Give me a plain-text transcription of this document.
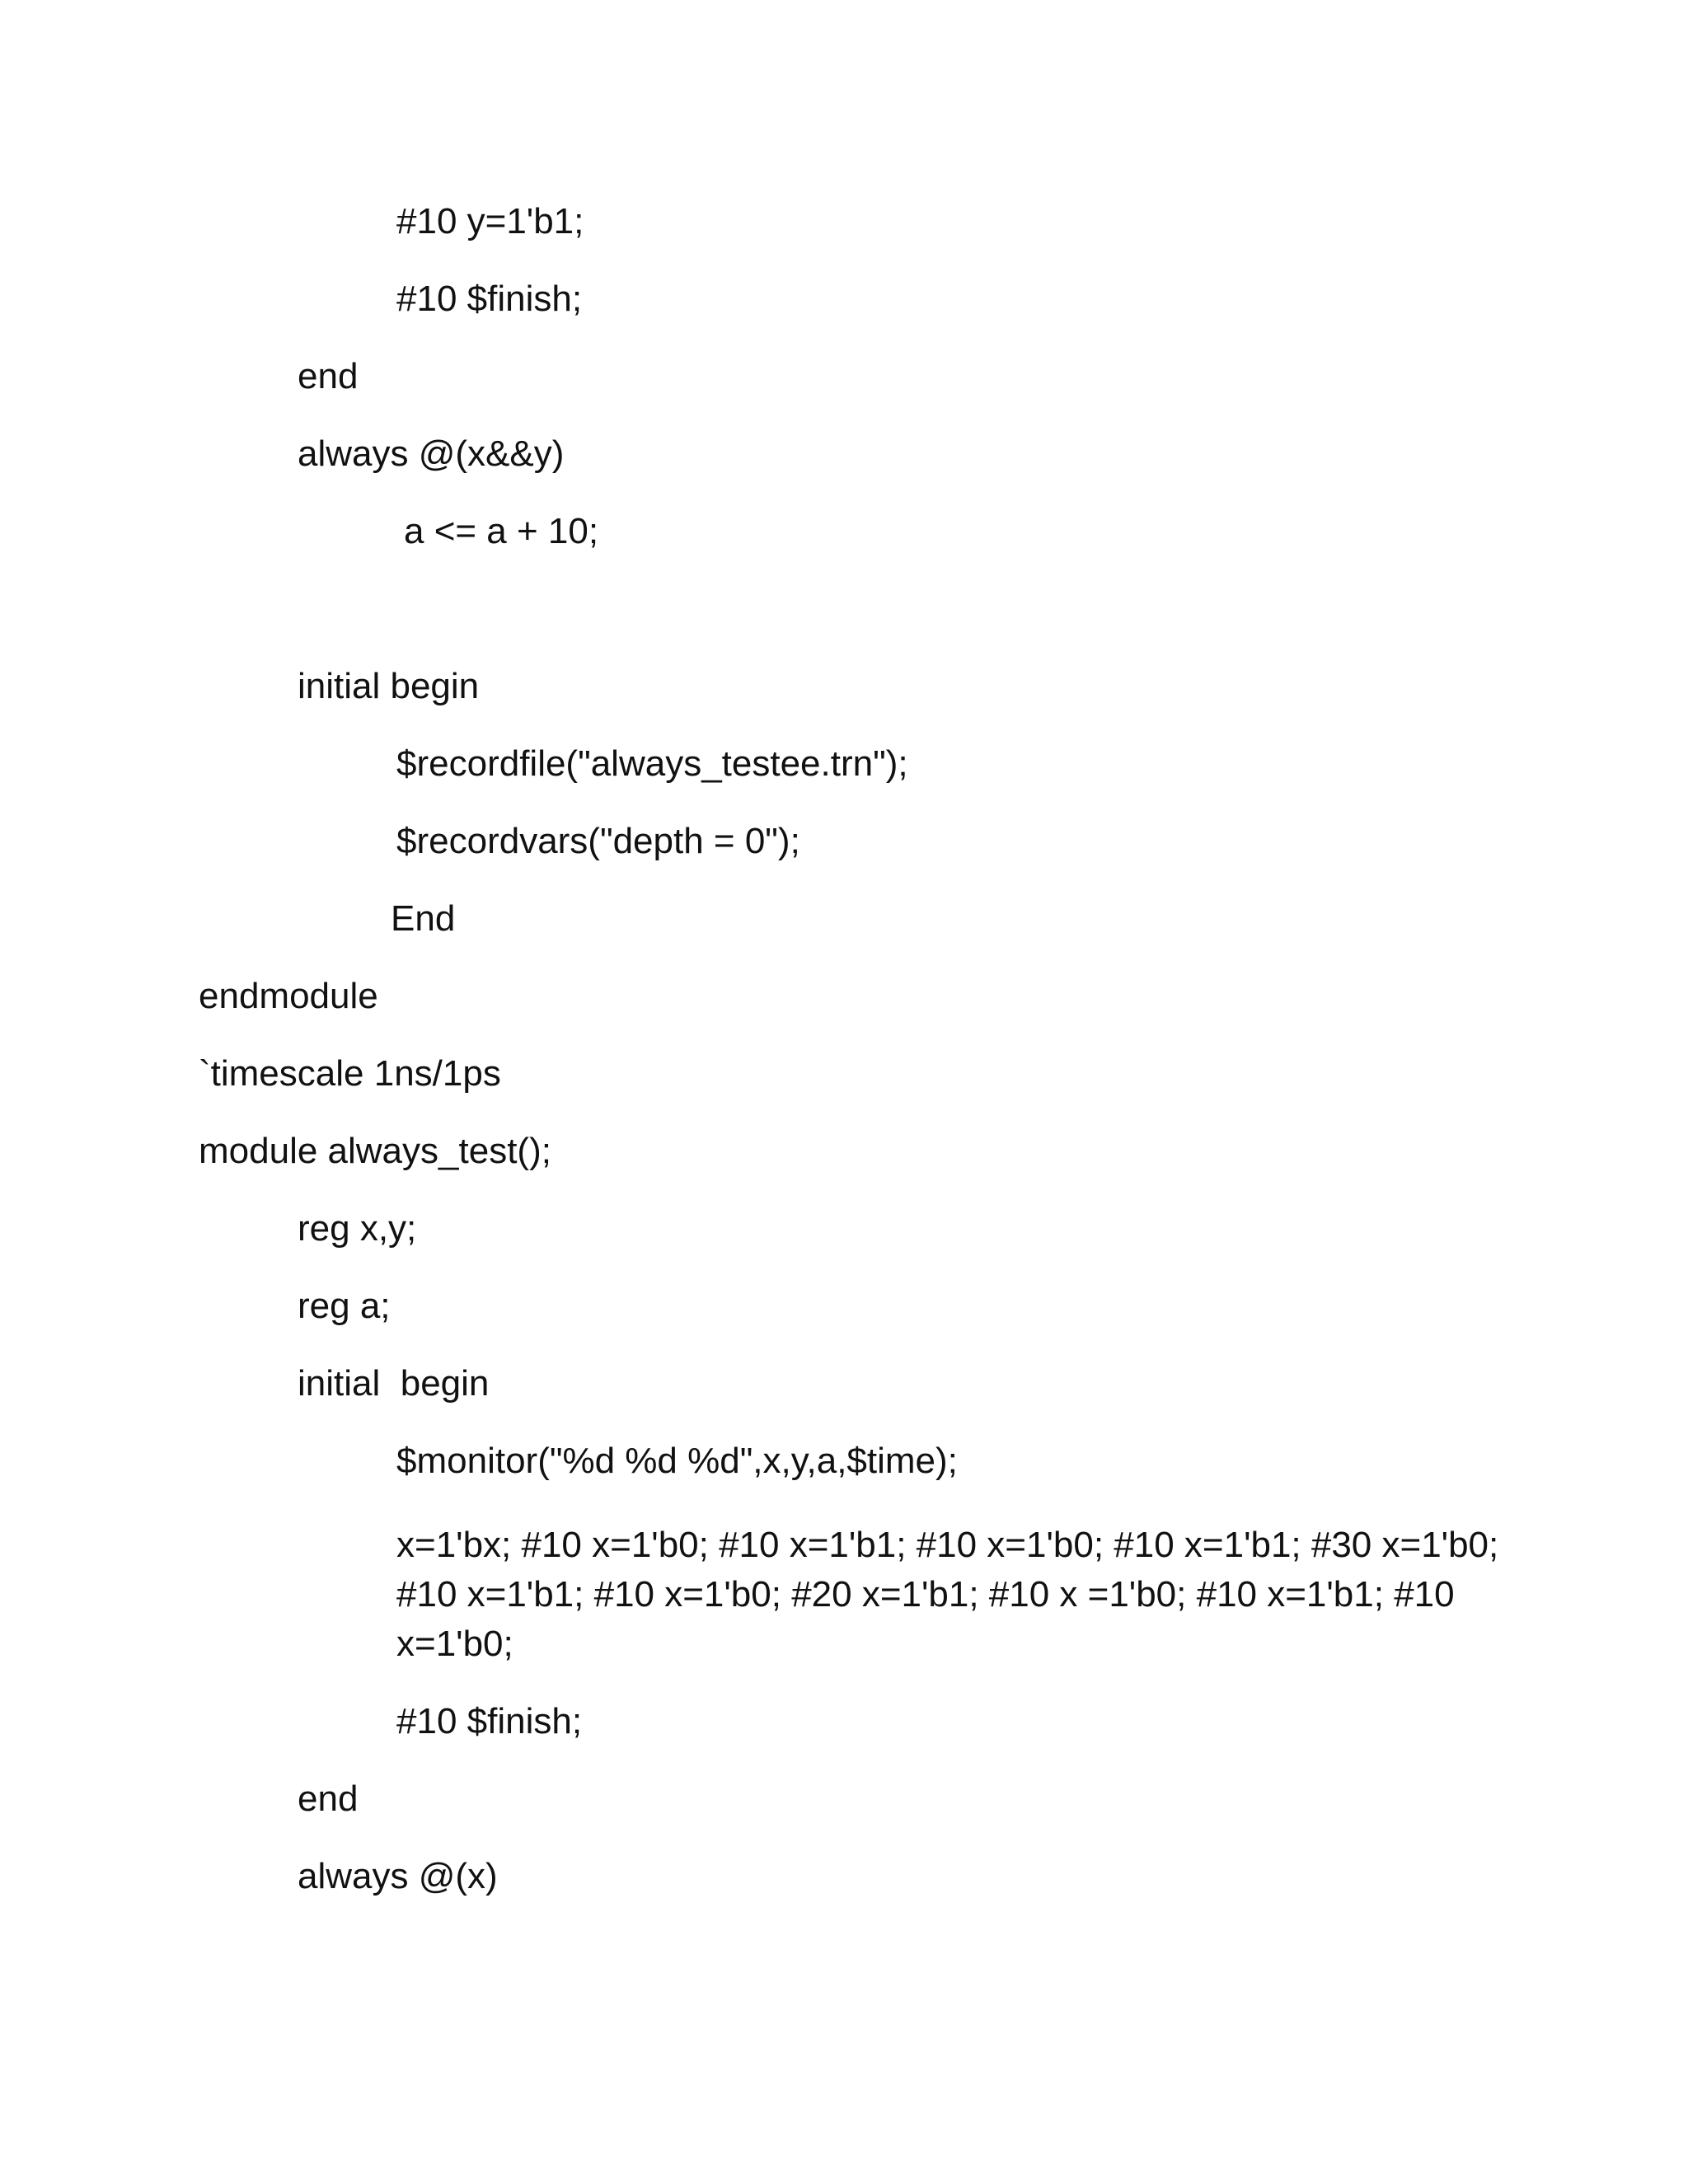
#10 y=1'b1;
#10 $finish;
end
always @(x&&y)
a <= a + 10;
initial begin
$recordfile("always_testee.trn");
$recordvars("depth = 0");
End
endmodule
`timescale 1ns/1ps
module always_test();
reg x,y;
reg a;
initial  begin
$monitor("%d %d %d",x,y,a,$time);
x=1'bx; #10 x=1'b0; #10 x=1'b1; #10 x=1'b0; #10 x=1'b1; #30 x=1'b0; #10 x=1'b1; #10 x=1'b0; #20 x=1'b1; #10 x =1'b0; #10 x=1'b1; #10 x=1'b0;
#10 $finish;
end
always @(x)
